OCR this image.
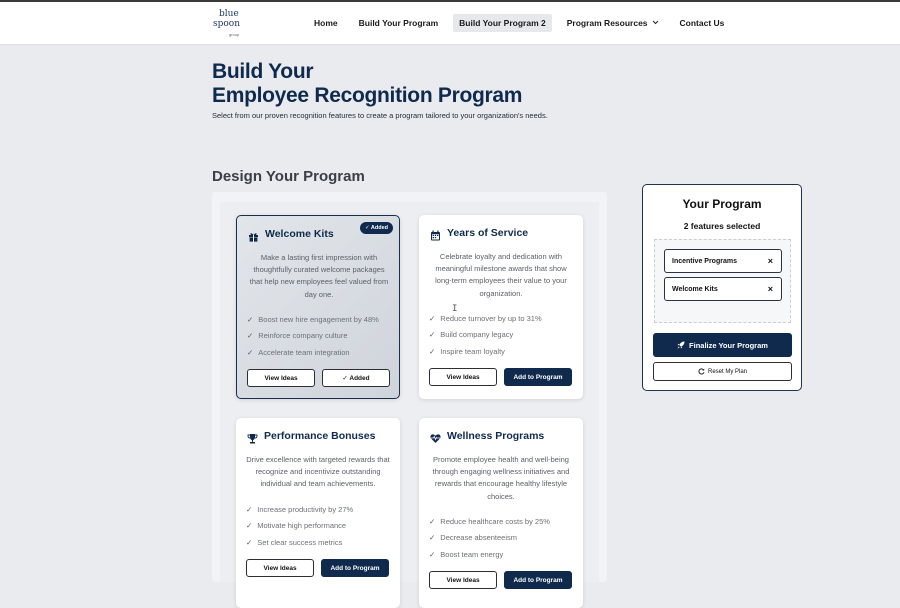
blue
spoon
group
Home	Build Your Program	Build Your Program 2	Program Resources	Contact Us
Build Your
Employee Recognition Program

Select from our proven recognition features to create a program tailored to your organization's needs.

Design Your Program
✓ Added
Welcome Kits

Make a lasting first impression with thoughtfully curated welcome packages that help new employees feel valued from day one.

✓ Boost new hire engagement by 48%
✓ Reinforce company culture
✓ Accelerate team integration
View Ideas	✓ Added
Years of Service

Celebrate loyalty and dedication with meaningful milestone awards that show long-term employees their value to your organization.

✓ Reduce turnover by up to 31%
✓ Build company legacy
✓ Inspire team loyalty
View Ideas	Add to Program
Performance Bonuses

Drive excellence with targeted rewards that recognize and incentivize outstanding individual and team achievements.

✓ Increase productivity by 27%
✓ Motivate high performance
✓ Set clear success metrics
View Ideas	Add to Program
Wellness Programs

Promote employee health and well-being through engaging wellness initiatives and rewards that encourage healthy lifestyle choices.

✓ Reduce healthcare costs by 25%
✓ Decrease absenteeism
✓ Boost team energy
View Ideas	Add to Program
I
Your Program
2 features selected
Incentive Programs	×
Welcome Kits	×
Finalize Your Program
Reset My Plan
